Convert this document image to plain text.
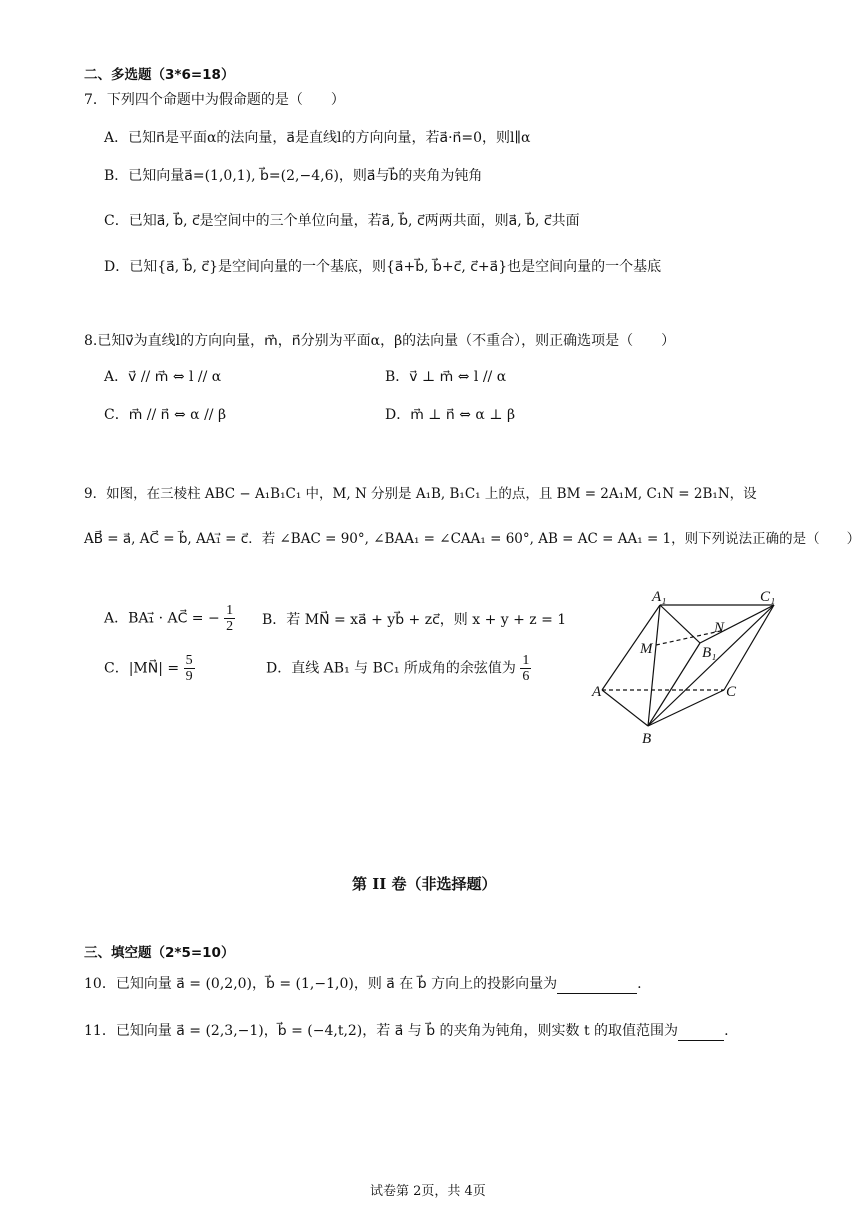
二、多选题（3*6=18）
7．下列四个命题中为假命题的是（　　）
A．已知n⃗是平面α的法向量，a⃗是直线l的方向向量，若a⃗·n⃗=0，则l∥α
B．已知向量a⃗=(1,0,1), b⃗=(2,−4,6)，则a⃗与b⃗的夹角为钝角
C．已知a⃗, b⃗, c⃗是空间中的三个单位向量，若a⃗, b⃗, c⃗两两共面，则a⃗, b⃗, c⃗共面
D．已知{a⃗, b⃗, c⃗}是空间向量的一个基底，则{a⃗+b⃗, b⃗+c⃗, c⃗+a⃗}也是空间向量的一个基底
8.已知v⃗为直线l的方向向量，m⃗，n⃗分别为平面α，β的法向量（不重合），则正确选项是（　　）
A．v⃗ // m⃗ ⇔ l // α	B．v⃗ ⊥ m⃗ ⇔ l // α
C．m⃗ // n⃗ ⇔ α // β	D．m⃗ ⊥ n⃗ ⇔ α ⊥ β
9．如图，在三棱柱 ABC − A₁B₁C₁ 中，M, N 分别是 A₁B, B₁C₁ 上的点，且 BM = 2A₁M, C₁N = 2B₁N，设
AB⃗ = a⃗, AC⃗ = b⃗, AA₁⃗ = c⃗．若 ∠BAC = 90°, ∠BAA₁ = ∠CAA₁ = 60°, AB = AC = AA₁ = 1，则下列说法正确的是（　　）
A．BA₁⃗ · AC⃗ = − $\frac{1}{2}$ B．若 MN⃗ = xa⃗ + yb⃗ + zc⃗，则 x + y + z = 1
C．|MN⃗| = $\frac{5}{9}$	D．直线 AB₁ 与 BC₁ 所成角的余弦值为 $\frac{1}{6}$
A₁	C₁
N
M	B₁
A	C
B
第 II 卷（非选择题）
三、填空题（2*5=10）
10．已知向量 a⃗ = (0,2,0)，b⃗ = (1,−1,0)，则 a⃗ 在 b⃗ 方向上的投影向量为	.
11．已知向量 a⃗ = (2,3,−1)，b⃗ = (−4,t,2)，若 a⃗ 与 b⃗ 的夹角为钝角，则实数 t 的取值范围为	.
试卷第 2页，共 4页
